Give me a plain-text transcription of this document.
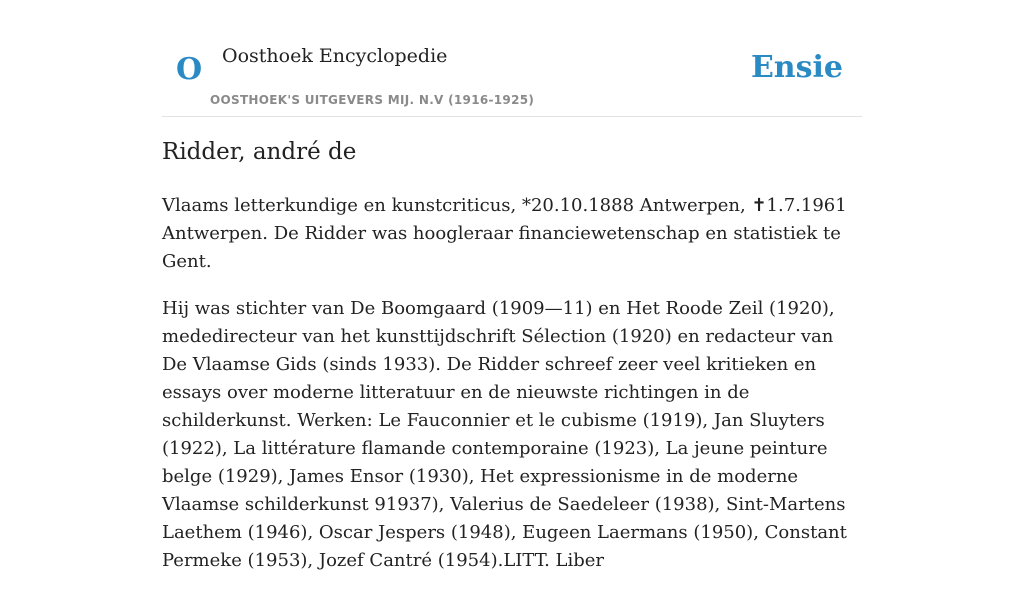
O Oosthoek Encyclopedie
OOSTHOEK'S UITGEVERS MIJ. N.V (1916-1925)
Ensie
Ridder, andré de

Vlaams letterkundige en kunstcriticus, *20.10.1888 Antwerpen, ✝1.7.1961 Antwerpen. De Ridder was hoogleraar financiewetenschap en statistiek te Gent.

Hij was stichter van De Boomgaard (1909—11) en Het Roode Zeil (1920), mededirecteur van het kunsttijdschrift Sélection (1920) en redacteur van De Vlaamse Gids (sinds 1933). De Ridder schreef zeer veel kritieken en essays over moderne litteratuur en de nieuwste richtingen in de schilderkunst. Werken: Le Fauconnier et le cubisme (1919), Jan Sluyters (1922), La littérature flamande contemporaine (1923), La jeune peinture belge (1929), James Ensor (1930), Het expressionisme in de moderne Vlaamse schilderkunst 91937), Valerius de Saedeleer (1938), Sint-Martens Laethem (1946), Oscar Jespers (1948), Eugeen Laermans (1950), Constant Permeke (1953), Jozef Cantré (1954).LITT. Liber
